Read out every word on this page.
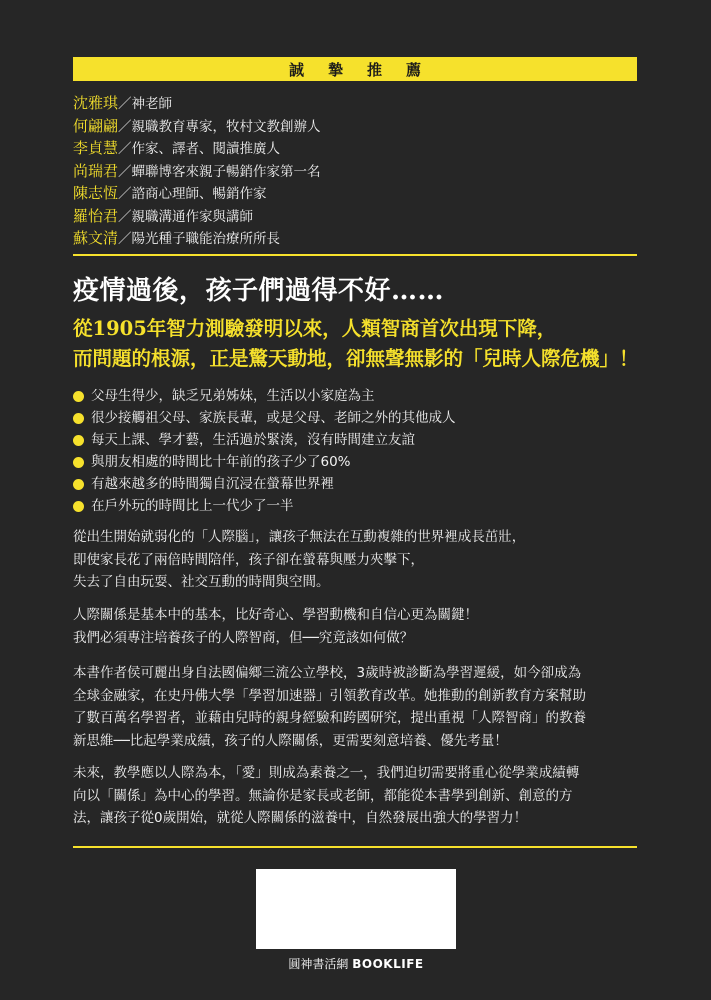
誠摯推薦
沈雅琪／神老師
何翩翩／親職教育專家，牧村文教創辦人
李貞慧／作家、譯者、閱讀推廣人
尚瑞君／蟬聯博客來親子暢銷作家第一名
陳志恆／諮商心理師、暢銷作家
羅怡君／親職溝通作家與講師
蘇文清／陽光種子職能治療所所長
疫情過後，孩子們過得不好……
從1905年智力測驗發明以來，人類智商首次出現下降，
而問題的根源，正是驚天動地，卻無聲無影的「兒時人際危機」！
父母生得少，缺乏兄弟姊妹，生活以小家庭為主
很少接觸祖父母、家族長輩，或是父母、老師之外的其他成人
每天上課、學才藝，生活過於緊湊，沒有時間建立友誼
與朋友相處的時間比十年前的孩子少了60%
有越來越多的時間獨自沉浸在螢幕世界裡
在戶外玩的時間比上一代少了一半
從出生開始就弱化的「人際腦」，讓孩子無法在互動複雜的世界裡成長茁壯，
即使家長花了兩倍時間陪伴，孩子卻在螢幕與壓力夾擊下，
失去了自由玩耍、社交互動的時間與空間。
人際關係是基本中的基本，比好奇心、學習動機和自信心更為關鍵！
我們必須專注培養孩子的人際智商，但──究竟該如何做？
本書作者侯可麗出身自法國偏鄉三流公立學校，3歲時被診斷為學習遲緩，如今卻成為
全球金融家，在史丹佛大學「學習加速器」引領教育改革。她推動的創新教育方案幫助
了數百萬名學習者，並藉由兒時的親身經驗和跨國研究，提出重視「人際智商」的教養
新思維──比起學業成績，孩子的人際關係，更需要刻意培養、優先考量！
未來，教學應以人際為本，「愛」則成為素養之一，我們迫切需要將重心從學業成績轉
向以「關係」為中心的學習。無論你是家長或老師，都能從本書學到創新、創意的方
法，讓孩子從0歲開始，就從人際關係的滋養中，自然發展出強大的學習力！
圓神書活網 BOOKLIFE
